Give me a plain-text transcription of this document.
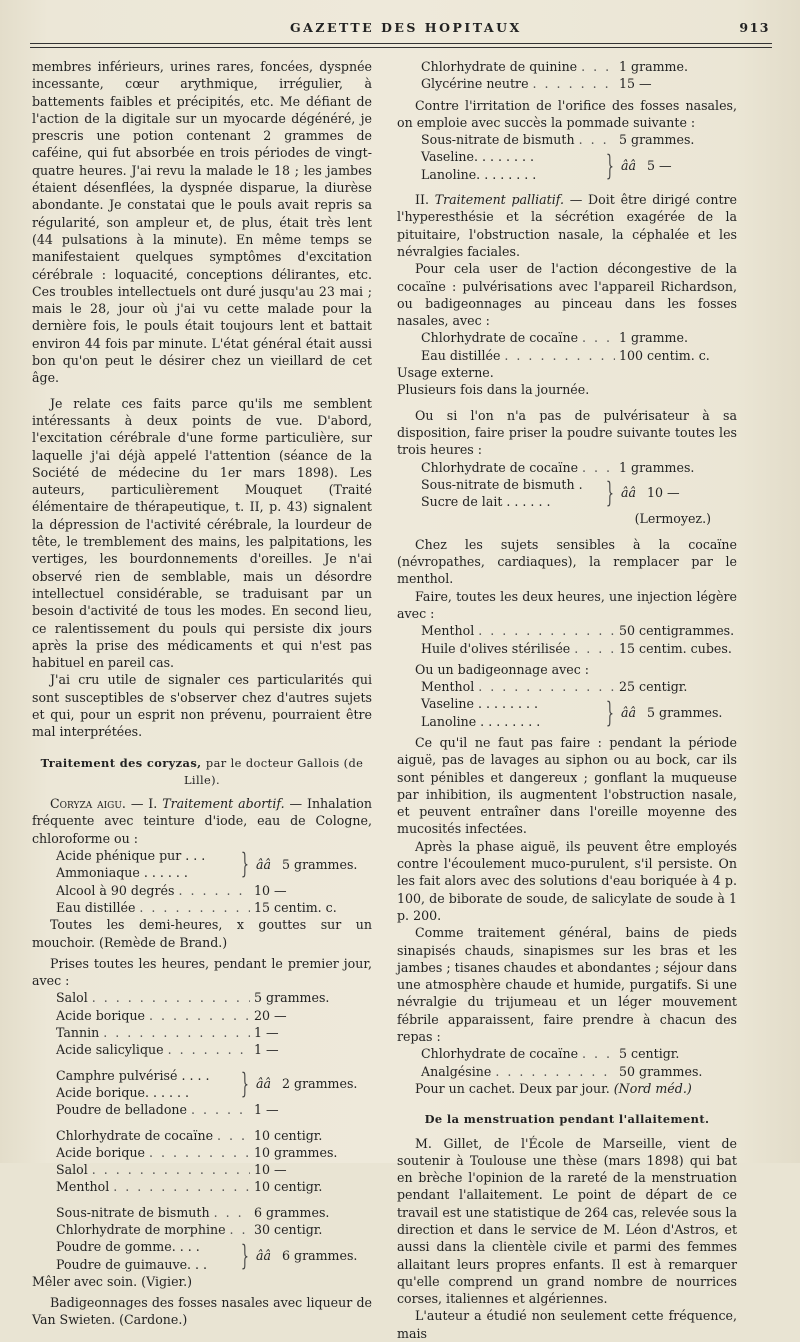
GAZETTE DES HOPITAUX	913

membres inférieurs, urines rares, foncées, dyspnée incessante, cœur arythmique, irrégulier, à battements faibles et précipités, etc. Me défiant de l'action de la digitale sur un myocarde dégénéré, je prescris une potion contenant 2 grammes de caféine, qui fut absorbée en trois périodes de vingt-quatre heures. J'ai revu la malade le 18 ; les jambes étaient désenflées, la dyspnée disparue, la diurèse abondante. Je constatai que le pouls avait repris sa régularité, son ampleur et, de plus, était très lent (44 pulsations à la minute). En même temps se manifestaient quelques symptômes d'excitation cérébrale : loquacité, conceptions délirantes, etc. Ces troubles intellectuels ont duré jusqu'au 23 mai ; mais le 28, jour où j'ai vu cette malade pour la dernière fois, le pouls était toujours lent et battait environ 44 fois par minute. L'état général était aussi bon qu'on peut le désirer chez un vieillard de cet âge.

Je relate ces faits parce qu'ils me semblent intéressants à deux points de vue. D'abord, l'excitation cérébrale d'une forme particulière, sur laquelle j'ai déjà appelé l'attention (séance de la Société de médecine du 1er mars 1898). Les auteurs, particulièrement Mouquet (Traité élémentaire de thérapeutique, t. II, p. 43) signalent la dépression de l'activité cérébrale, la lourdeur de tête, le tremblement des mains, les palpitations, les vertiges, les bourdonnements d'oreilles. Je n'ai observé rien de semblable, mais un désordre intellectuel considérable, se traduisant par un besoin d'activité de tous les modes. En second lieu, ce ralentissement du pouls qui persiste dix jours après la prise des médicaments et qui n'est pas habituel en pareil cas.

J'ai cru utile de signaler ces particularités qui sont susceptibles de s'observer chez d'autres sujets et qui, pour un esprit non prévenu, pourraient être mal interprétées.

Traitement des coryzas, par le docteur Gallois (de Lille).

Coryza aigu. — I. Traitement abortif. — Inhalation fréquente avec teinture d'iode, eau de Cologne, chloroforme ou :

Acide phénique pur . . .
Ammoniaque . . . . . .	} ââ 5 grammes.
Alcool à 90 degrés . . .	10 —
Eau distillée . . .	15 centim. c.

Toutes les demi-heures, x gouttes sur un mouchoir. (Remède de Brand.)

Prises toutes les heures, pendant le premier jour, avec :

Salol . . .	5 grammes.
Acide borique . . .	20 —
Tannin . . .	1 —
Acide salicylique . . .	1 —
Camphre pulvérisé . . . .
Acide borique. . . . . .	} ââ 2 grammes.
Poudre de belladone . . .	1 —
Chlorhydrate de cocaïne . . .	10 centigr.
Acide borique . . .	10 grammes.
Salol . . .	10 —
Menthol . . .	10 centigr.
Sous-nitrate de bismuth . . .	6 grammes.
Chlorhydrate de morphine . . . 30 centigr.
Poudre de gomme. . . .
Poudre de guimauve. . .	} ââ 6 grammes.

Mêler avec soin. (Vigier.)

Badigeonnages des fosses nasales avec liqueur de Van Swieten. (Cardone.)

Chlorhydrate de quinine . . .	1 gramme.
Glycérine neutre . . .	15 —

Contre l'irritation de l'orifice des fosses nasales, on emploie avec succès la pommade suivante :

Sous-nitrate de bismuth . . .	5 grammes.
Vaseline. . . . . . . .
Lanoline. . . . . . . .	} ââ 5 —

II. Traitement palliatif. — Doit être dirigé contre l'hyperesthésie et la sécrétion exagérée de la pituitaire, l'obstruction nasale, la céphalée et les névralgies faciales.

Pour cela user de l'action décongestive de la cocaïne : pulvérisations avec l'appareil Richardson, ou badigeonnages au pinceau dans les fosses nasales, avec :

Chlorhydrate de cocaïne . . .	1 gramme.
Eau distillée . . .	100 centim. c.

Usage externe.

Plusieurs fois dans la journée.

Ou si l'on n'a pas de pulvérisateur à sa disposition, faire priser la poudre suivante toutes les trois heures :

Chlorhydrate de cocaïne . . .	1 grammes.
Sous-nitrate de bismuth .
Sucre de lait . . . . . .	} ââ 10 —
(Lermoyez.)

Chez les sujets sensibles à la cocaïne (névropathes, cardiaques), la remplacer par le menthol.

Faire, toutes les deux heures, une injection légère avec :

Menthol . . .	50 centigrammes.
Huile d'olives stérilisée . . .	15 centim. cubes.

Ou un badigeonnage avec :

Menthol . . .	25 centigr.
Vaseline . . . . . . . .
Lanoline . . . . . . . .	} ââ 5 grammes.

Ce qu'il ne faut pas faire : pendant la période aiguë, pas de lavages au siphon ou au bock, car ils sont pénibles et dangereux ; gonflant la muqueuse par inhibition, ils augmentent l'obstruction nasale, et peuvent entraîner dans l'oreille moyenne des mucosités infectées.

Après la phase aiguë, ils peuvent être employés contre l'écoulement muco-purulent, s'il persiste. On les fait alors avec des solutions d'eau boriquée à 4 p. 100, de biborate de soude, de salicylate de soude à 1 p. 200.

Comme traitement général, bains de pieds sinapisés chauds, sinapismes sur les bras et les jambes ; tisanes chaudes et abondantes ; séjour dans une atmosphère chaude et humide, purgatifs. Si une névralgie du trijumeau et un léger mouvement fébrile apparaissent, faire prendre à chacun des repas :

Chlorhydrate de cocaïne . . .	5 centigr.
Analgésine . . .	50 grammes.

Pour un cachet. Deux par jour. (Nord méd.)

De la menstruation pendant l'allaitement.

M. Gillet, de l'École de Marseille, vient de soutenir à Toulouse une thèse (mars 1898) qui bat en brèche l'opinion de la rareté de la menstruation pendant l'allaitement. Le point de départ de ce travail est une statistique de 264 cas, relevée sous la direction et dans le service de M. Léon d'Astros, et aussi dans la clientèle civile et parmi des femmes allaitant leurs propres enfants. Il est à remarquer qu'elle comprend un grand nombre de nourrices corses, italiennes et algériennes.

L'auteur a étudié non seulement cette fréquence, mais
